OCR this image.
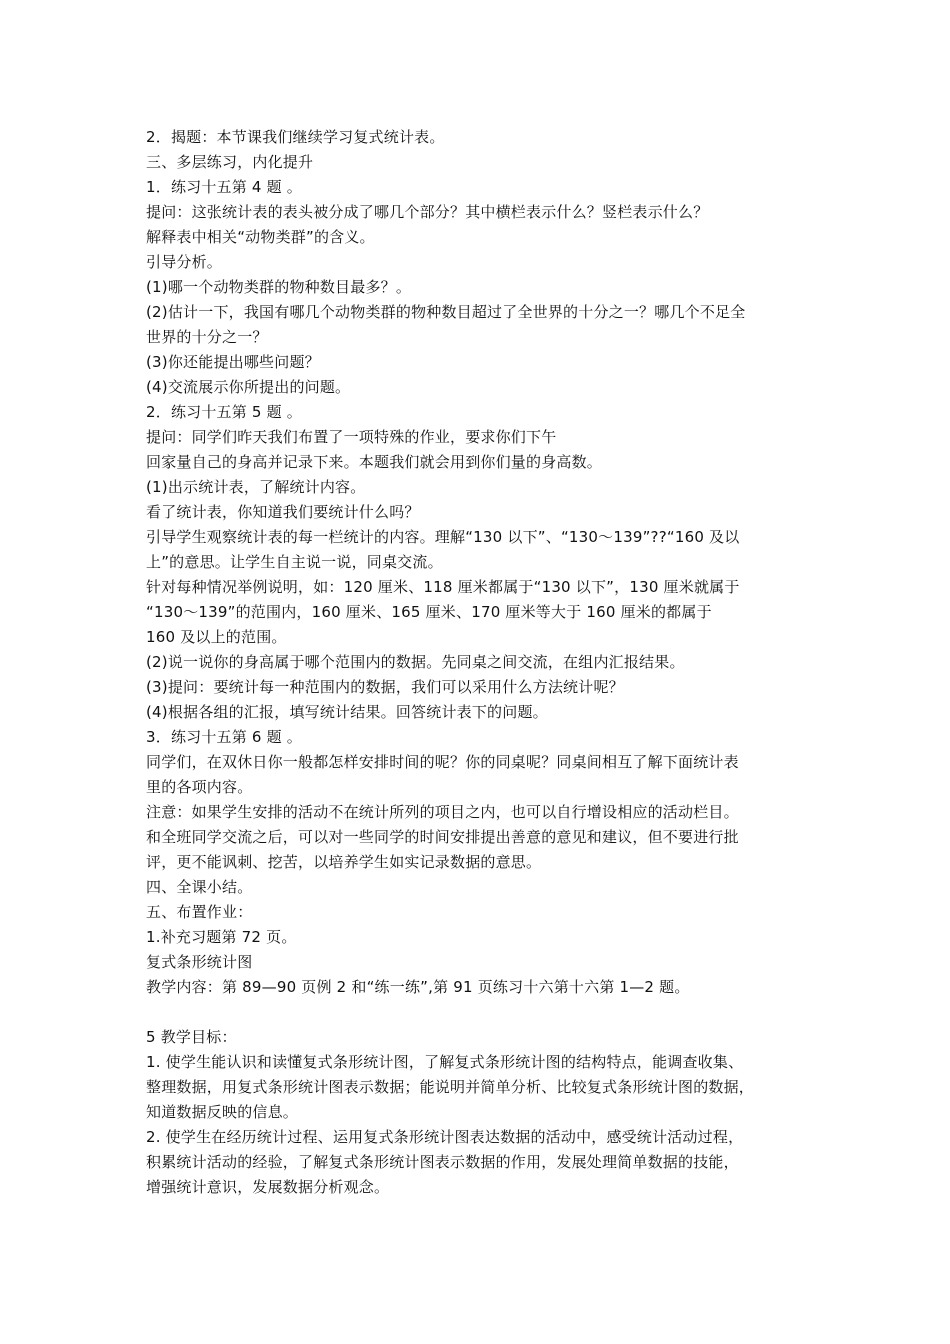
2．揭题：本节课我们继续学习复式统计表。
三、多层练习，内化提升
1．练习十五第 4 题 。
提问：这张统计表的表头被分成了哪几个部分？其中横栏表示什么？竖栏表示什么？
解释表中相关“动物类群”的含义。
引导分析。
(1)哪一个动物类群的物种数目最多？。
(2)估计一下，我国有哪几个动物类群的物种数目超过了全世界的十分之一？哪几个不足全
世界的十分之一？
(3)你还能提出哪些问题？
(4)交流展示你所提出的问题。
2．练习十五第 5 题 。
提问：同学们昨天我们布置了一项特殊的作业，要求你们下午
回家量自己的身高并记录下来。本题我们就会用到你们量的身高数。
(1)出示统计表，了解统计内容。
看了统计表，你知道我们要统计什么吗？
引导学生观察统计表的每一栏统计的内容。理解“130 以下”、“130～139”??“160 及以
上”的意思。让学生自主说一说，同桌交流。
针对每种情况举例说明，如：120 厘米、118 厘米都属于“130 以下”，130 厘米就属于
“130～139”的范围内，160 厘米、165 厘米、170 厘米等大于 160 厘米的都属于
160 及以上的范围。
(2)说一说你的身高属于哪个范围内的数据。先同桌之间交流，在组内汇报结果。
(3)提问：要统计每一种范围内的数据，我们可以采用什么方法统计呢？
(4)根据各组的汇报，填写统计结果。回答统计表下的问题。
3．练习十五第 6 题 。
同学们，在双休日你一般都怎样安排时间的呢？你的同桌呢？同桌间相互了解下面统计表
里的各项内容。
注意：如果学生安排的活动不在统计所列的项目之内，也可以自行增设相应的活动栏目。
和全班同学交流之后，可以对一些同学的时间安排提出善意的意见和建议，但不要进行批
评，更不能讽刺、挖苦，以培养学生如实记录数据的意思。
四、全课小结。
五、布置作业：
1.补充习题第 72 页。
复式条形统计图
教学内容：第 89—90 页例 2 和“练一练”,第 91 页练习十六第十六第 1—2 题。
5 教学目标：
1. 使学生能认识和读懂复式条形统计图，了解复式条形统计图的结构特点，能调查收集、
整理数据，用复式条形统计图表示数据；能说明并简单分析、比较复式条形统计图的数据，
知道数据反映的信息。
2. 使学生在经历统计过程、运用复式条形统计图表达数据的活动中，感受统计活动过程，
积累统计活动的经验，了解复式条形统计图表示数据的作用，发展处理简单数据的技能，
增强统计意识，发展数据分析观念。
